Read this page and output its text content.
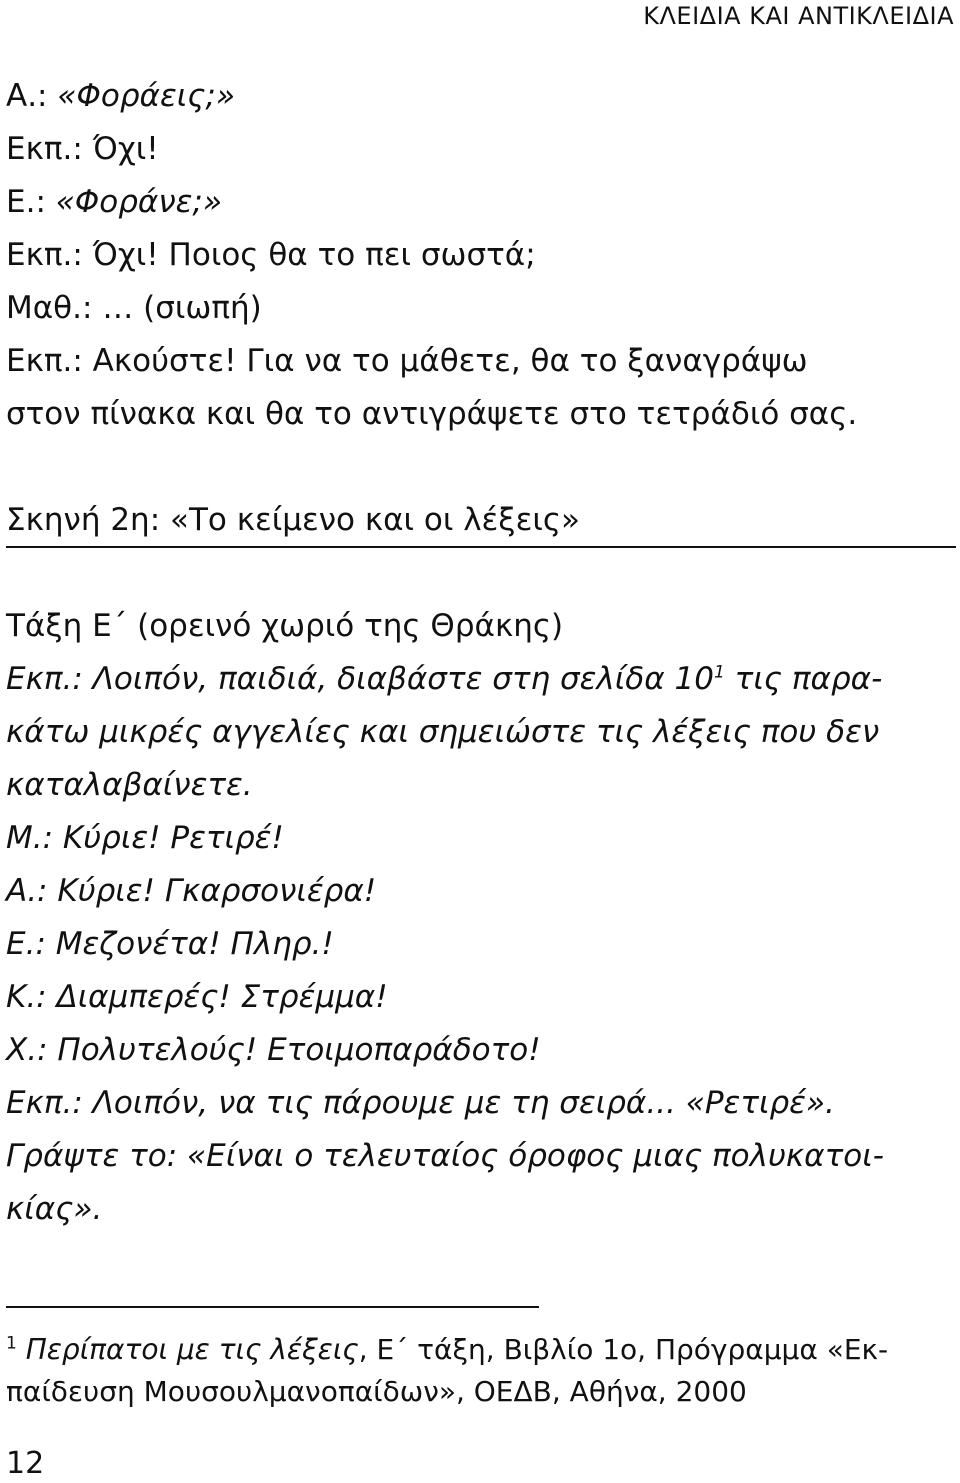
ΚΛΕΙΔΙΑ ΚΑΙ ΑΝΤΙΚΛΕΙΔΙΑ
Α.: «Φοράεις;»
Εκπ.: Όχι!
Ε.: «Φοράνε;»
Εκπ.: Όχι! Ποιος θα το πει σωστά;
Μαθ.: … (σιωπή)
Εκπ.: Ακούστε! Για να το μάθετε, θα το ξαναγράψω
στον πίνακα και θα το αντιγράψετε στο τετράδιό σας.
Σκηνή 2η: «Το κείμενο και οι λέξεις»
Τάξη Ε΄ (ορεινό χωριό της Θράκης)
Εκπ.: Λοιπόν, παιδιά, διαβάστε στη σελίδα $10^1$ τις παρα-
κάτω μικρές αγγελίες και σημειώστε τις λέξεις που δεν
καταλαβαίνετε.
Μ.: Κύριε! Ρετιρέ!
Α.: Κύριε! Γκαρσονιέρα!
Ε.: Μεζονέτα! Πληρ.!
Κ.: Διαμπερές! Στρέμμα!
Χ.: Πολυτελούς! Ετοιμοπαράδοτο!
Εκπ.: Λοιπόν, να τις πάρουμε με τη σειρά... «Ρετιρέ».
Γράψτε το: «Είναι ο τελευταίος όροφος μιας πολυκατοι-
κίας».
$^1$ Περίπατοι με τις λέξεις, Ε΄ τάξη, Βιβλίο 1ο, Πρόγραμμα «Εκ-
παίδευση Μουσουλμανοπαίδων», ΟΕΔΒ, Αθήνα, 2000
12
